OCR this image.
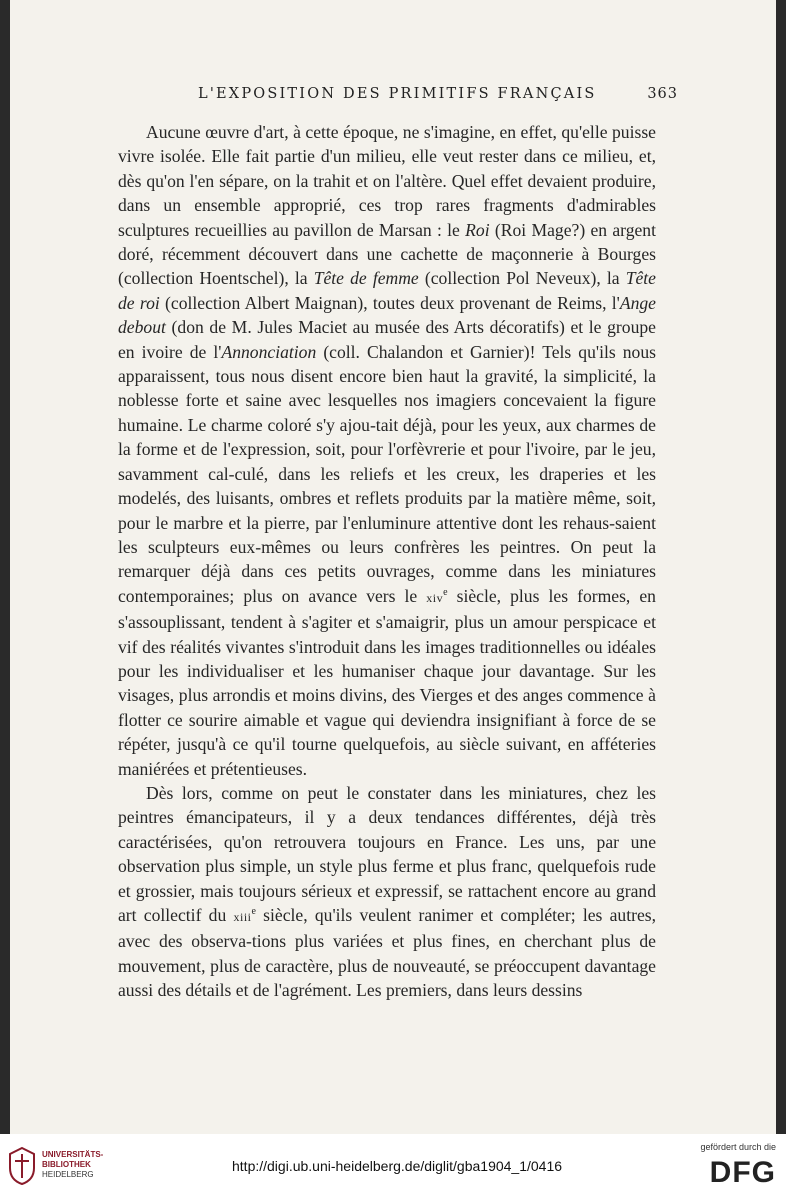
L'EXPOSITION DES PRIMITIFS FRANÇAIS	363

Aucune œuvre d'art, à cette époque, ne s'imagine, en effet, qu'elle puisse vivre isolée. Elle fait partie d'un milieu, elle veut rester dans ce milieu, et, dès qu'on l'en sépare, on la trahit et on l'altère. Quel effet devaient produire, dans un ensemble approprié, ces trop rares fragments d'admirables sculptures recueillies au pavillon de Marsan : le Roi (Roi Mage?) en argent doré, récemment découvert dans une cachette de maçonnerie à Bourges (collection Hoentschel), la Tête de femme (collection Pol Neveux), la Tête de roi (collection Albert Maignan), toutes deux provenant de Reims, l'Ange debout (don de M. Jules Maciet au musée des Arts décoratifs) et le groupe en ivoire de l'Annonciation (coll. Chalandon et Garnier)! Tels qu'ils nous apparaissent, tous nous disent encore bien haut la gravité, la simplicité, la noblesse forte et saine avec lesquelles nos imagiers concevaient la figure humaine. Le charme coloré s'y ajou-tait déjà, pour les yeux, aux charmes de la forme et de l'expression, soit, pour l'orfèvrerie et pour l'ivoire, par le jeu, savamment cal-culé, dans les reliefs et les creux, les draperies et les modelés, des luisants, ombres et reflets produits par la matière même, soit, pour le marbre et la pierre, par l'enluminure attentive dont les rehaus-saient les sculpteurs eux-mêmes ou leurs confrères les peintres. On peut la remarquer déjà dans ces petits ouvrages, comme dans les miniatures contemporaines; plus on avance vers le xiv$^e$ siècle, plus les formes, en s'assouplissant, tendent à s'agiter et s'amaigrir, plus un amour perspicace et vif des réalités vivantes s'introduit dans les images traditionnelles ou idéales pour les individualiser et les humaniser chaque jour davantage. Sur les visages, plus arrondis et moins divins, des Vierges et des anges commence à flotter ce sourire aimable et vague qui deviendra insignifiant à force de se répéter, jusqu'à ce qu'il tourne quelquefois, au siècle suivant, en afféteries maniérées et prétentieuses.

Dès lors, comme on peut le constater dans les miniatures, chez les peintres émancipateurs, il y a deux tendances différentes, déjà très caractérisées, qu'on retrouvera toujours en France. Les uns, par une observation plus simple, un style plus ferme et plus franc, quelquefois rude et grossier, mais toujours sérieux et expressif, se rattachent encore au grand art collectif du xiii$^e$ siècle, qu'ils veulent ranimer et compléter; les autres, avec des observa-tions plus variées et plus fines, en cherchant plus de mouvement, plus de caractère, plus de nouveauté, se préoccupent davantage aussi des détails et de l'agrément. Les premiers, dans leurs dessins

UNIVERSITÄTS-
BIBLIOTHEK
HEIDELBERG
http://digi.ub.uni-heidelberg.de/diglit/gba1904_1/0416
gefördert durch die
DFG
